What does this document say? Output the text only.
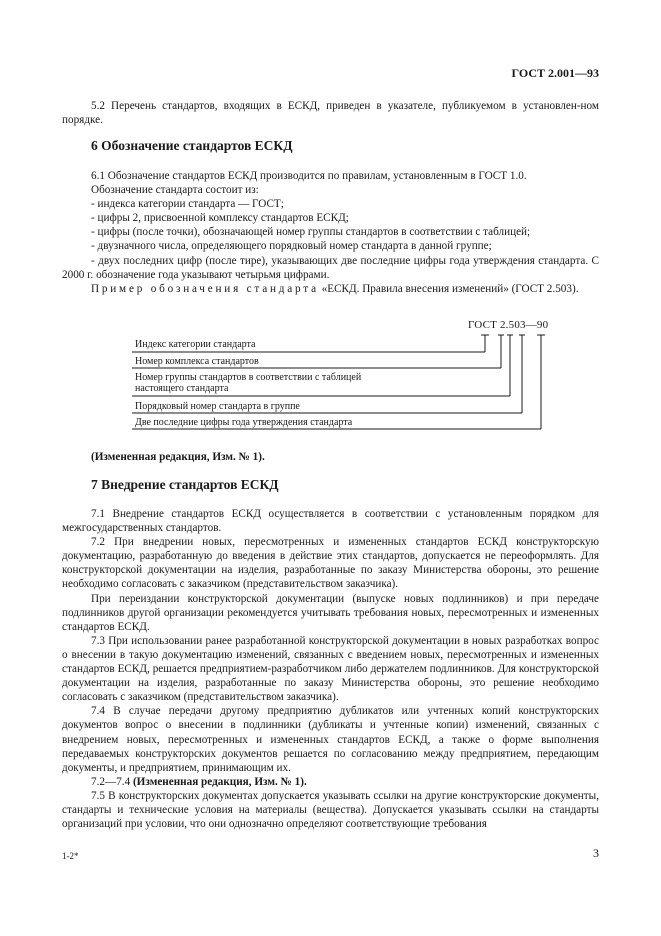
ГОСТ 2.001—93
5.2 Перечень стандартов, входящих в ЕСКД, приведен в указателе, публикуемом в установлен-ном порядке.
6 Обозначение стандартов ЕСКД
6.1 Обозначение стандартов ЕСКД производится по правилам, установленным в ГОСТ 1.0.
Обозначение стандарта состоит из:
- индекса категории стандарта — ГОСТ;
- цифры 2, присвоенной комплексу стандартов ЕСКД;
- цифры (после точки), обозначающей номер группы стандартов в соответствии с таблицей;
- двузначного числа, определяющего порядковый номер стандарта в данной группе;
- двух последних цифр (после тире), указывающих две последние цифры года утверждения стандарта. С 2000 г. обозначение года указывают четырьмя цифрами.
Пример обозначения стандарта «ЕСКД. Правила внесения изменений» (ГОСТ 2.503).
ГОСТ 2.503—90
Индекс категории стандарта
Номер комплекса стандартов
Номер группы стандартов в соответствии с таблицей
настоящего стандарта
Порядковый номер стандарта в группе
Две последние цифры года утверждения стандарта
(Измененная редакция, Изм. № 1).
7 Внедрение стандартов ЕСКД
7.1 Внедрение стандартов ЕСКД осуществляется в соответствии с установленным порядком для межгосударственных стандартов.
7.2 При внедрении новых, пересмотренных и измененных стандартов ЕСКД конструкторскую документацию, разработанную до введения в действие этих стандартов, допускается не переоформлять. Для конструкторской документации на изделия, разработанные по заказу Министерства обороны, это решение необходимо согласовать с заказчиком (представительством заказчика).
При переиздании конструкторской документации (выпуске новых подлинников) и при передаче подлинников другой организации рекомендуется учитывать требования новых, пересмотренных и измененных стандартов ЕСКД.
7.3 При использовании ранее разработанной конструкторской документации в новых разработках вопрос о внесении в такую документацию изменений, связанных с введением новых, пересмотренных и измененных стандартов ЕСКД, решается предприятием-разработчиком либо держателем подлинников. Для конструкторской документации на изделия, разработанные по заказу Министерства обороны, это решение необходимо согласовать с заказчиком (представительством заказчика).
7.4 В случае передачи другому предприятию дубликатов или учтенных копий конструкторских документов вопрос о внесении в подлинники (дубликаты и учтенные копии) изменений, связанных с внедрением новых, пересмотренных и измененных стандартов ЕСКД, а также о форме выполнения передаваемых конструкторских документов решается по согласованию между предприятием, передающим документы, и предприятием, принимающим их.
7.2—7.4 (Измененная редакция, Изм. № 1).
7.5 В конструкторских документах допускается указывать ссылки на другие конструкторские документы, стандарты и технические условия на материалы (вещества). Допускается указывать ссылки на стандарты организаций при условии, что они однозначно определяют соответствующие требования
1-2*	3
